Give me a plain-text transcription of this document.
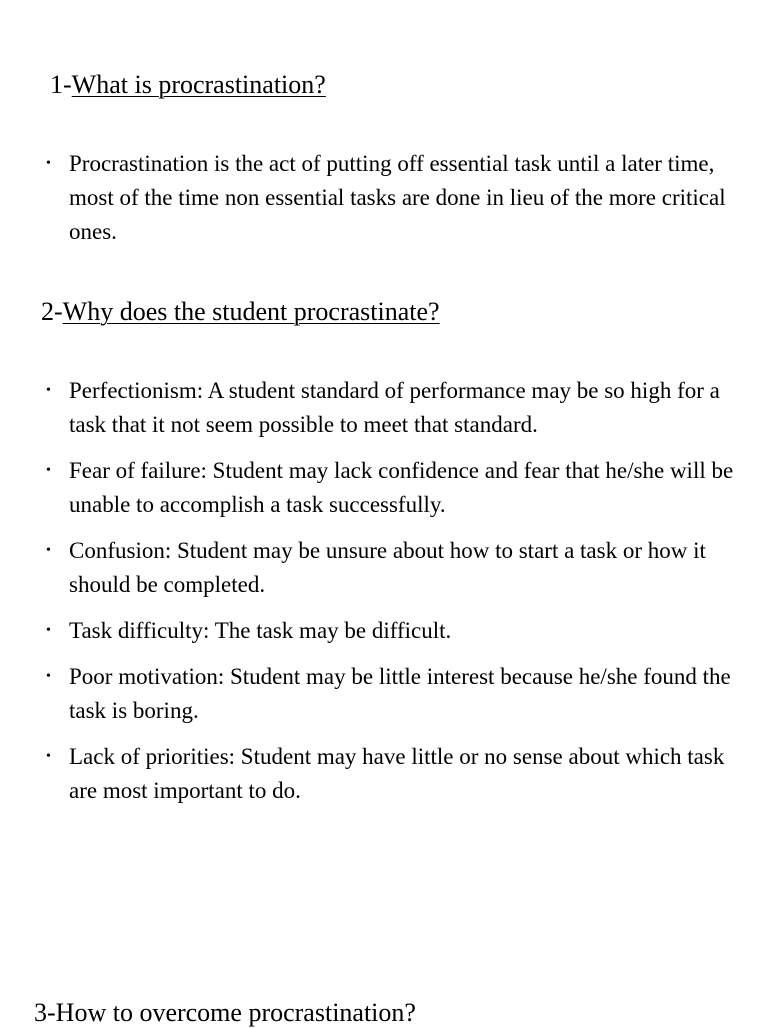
1-What is procrastination?
• Procrastination is the act of putting off essential task until a later time, most of the time non essential tasks are done in lieu of the more critical ones.
2-Why does the student procrastinate?
• Perfectionism: A student standard of performance may be so high for a task that it not seem possible to meet that standard.
• Fear of failure: Student may lack confidence and fear that he/she will be unable to accomplish a task successfully.
• Confusion: Student may be unsure about how to start a task or how it should be completed.
• Task difficulty: The task may be difficult.
• Poor motivation: Student may be little interest because he/she found the task is boring.
• Lack of priorities: Student may have little or no sense about which task are most important to do.
3-How to overcome procrastination?
